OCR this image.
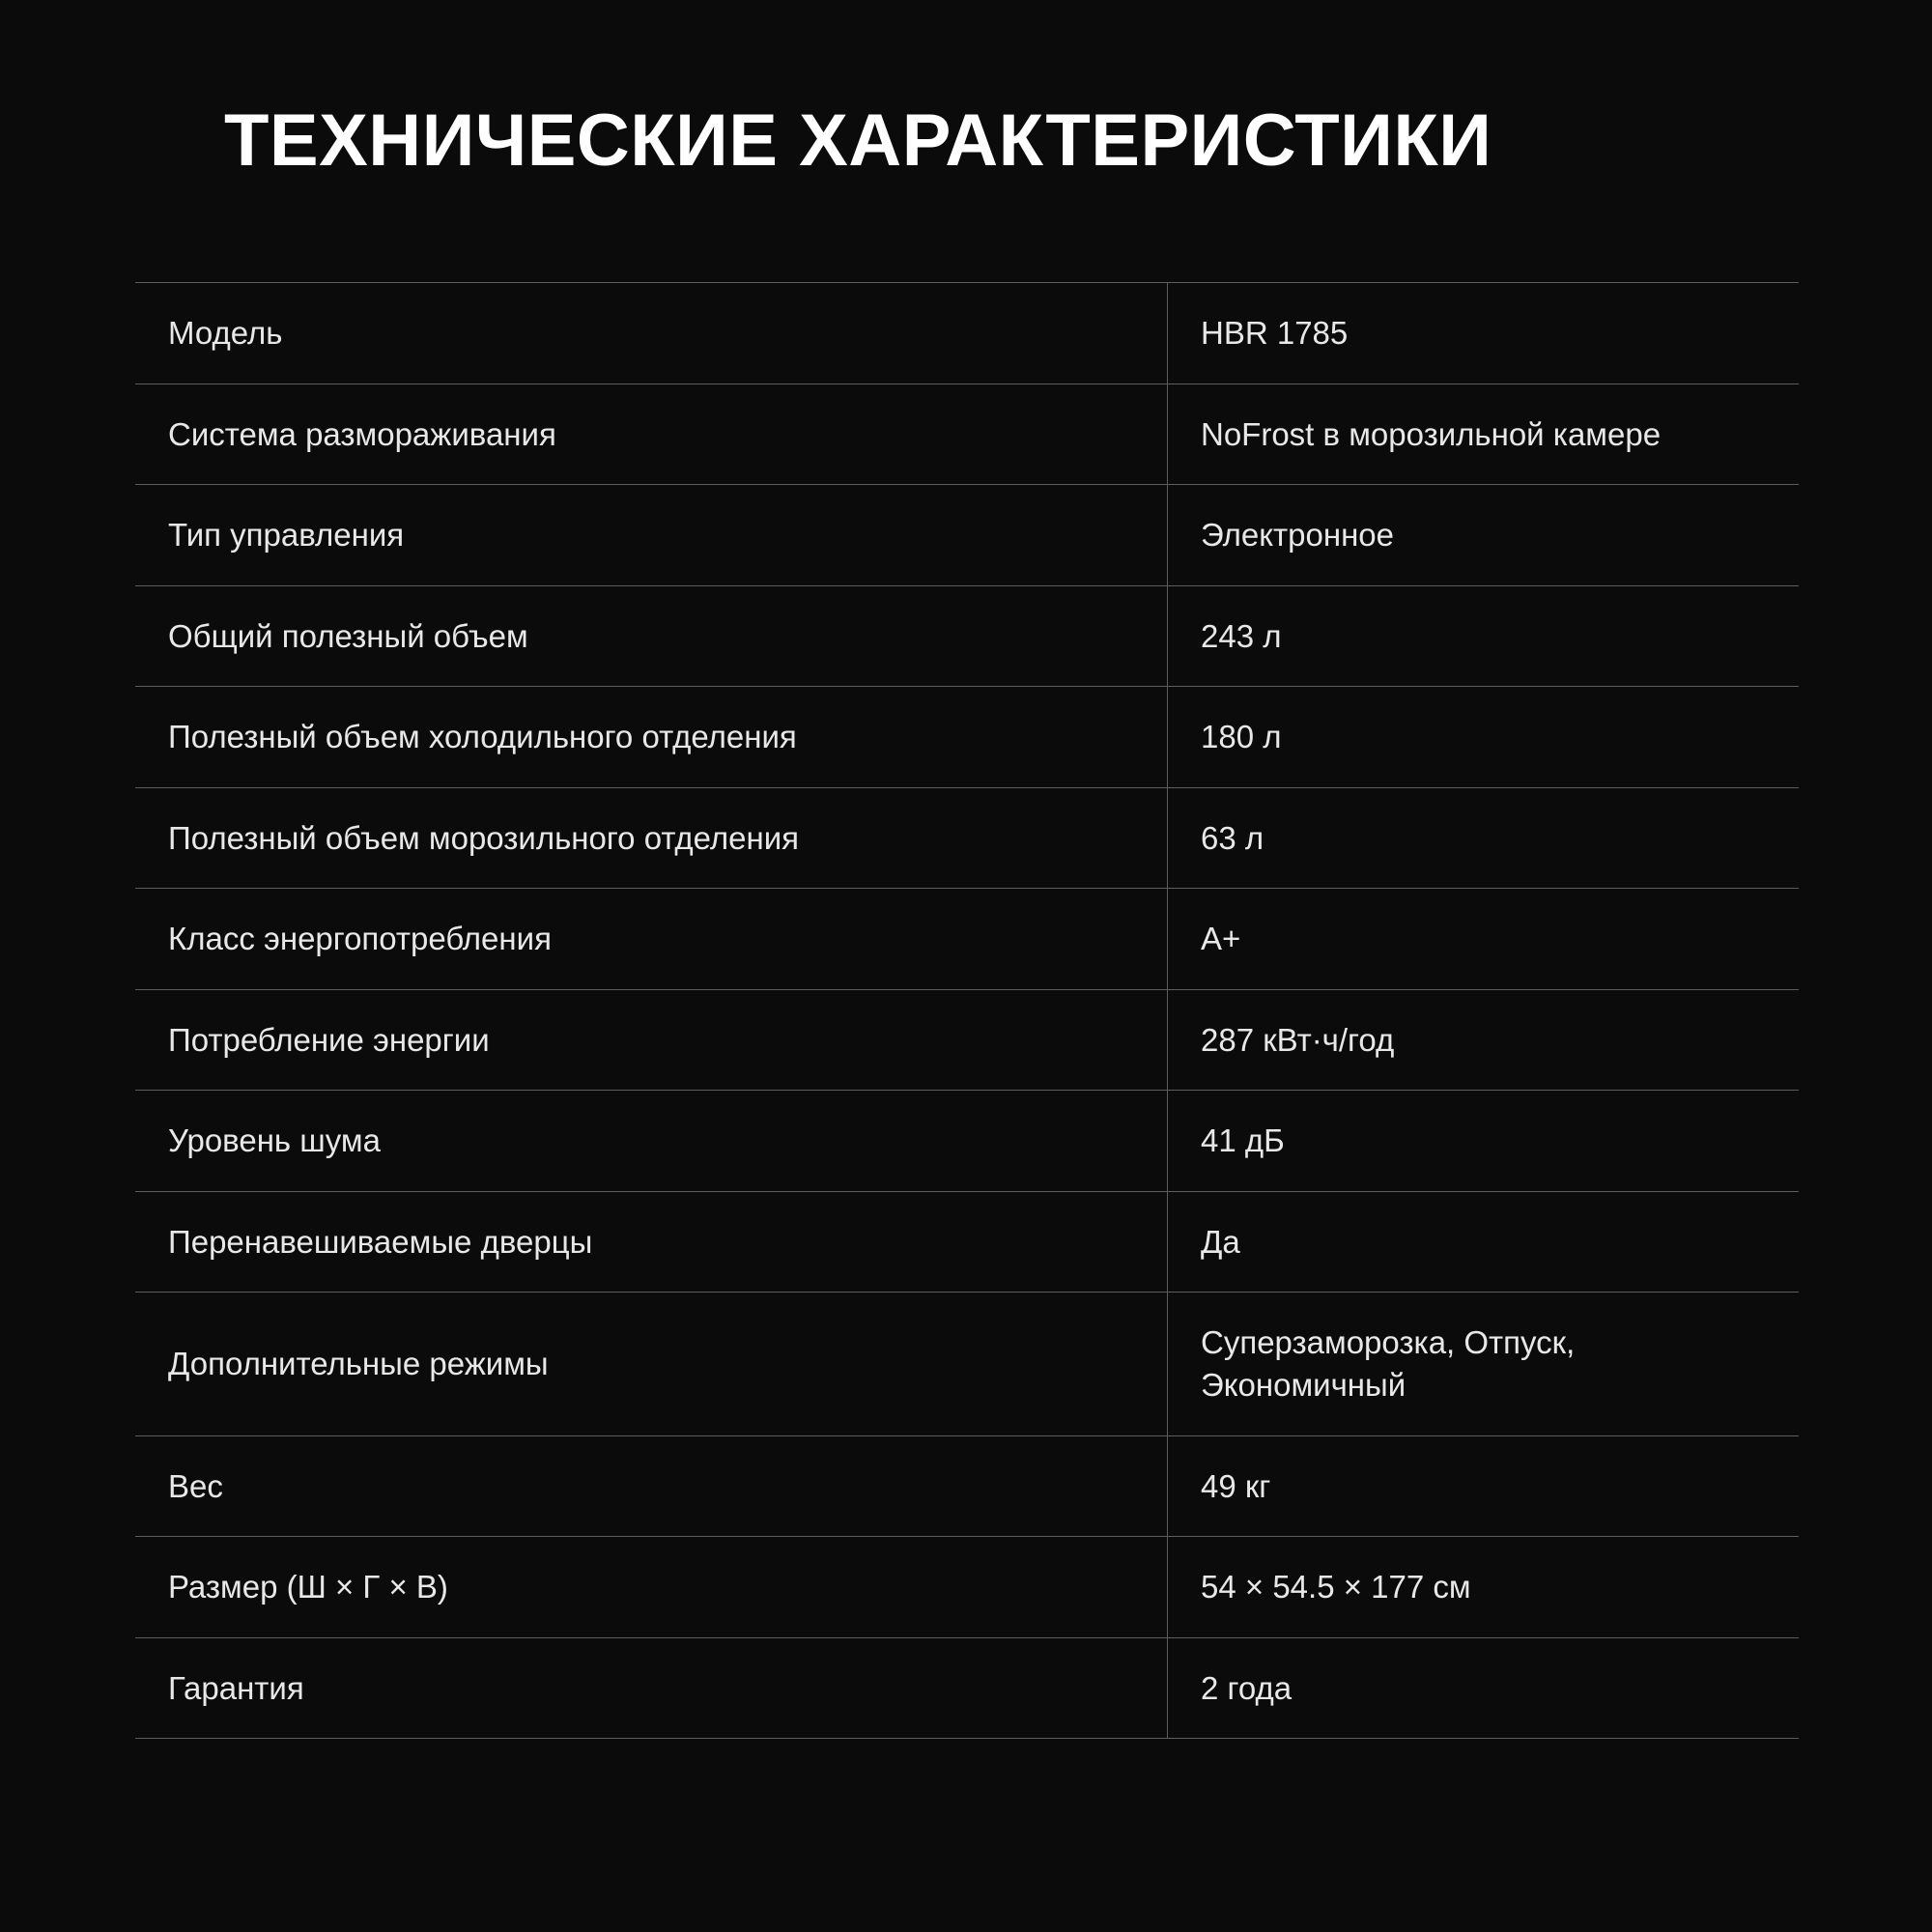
ТЕХНИЧЕСКИЕ ХАРАКТЕРИСТИКИ
Модель	HBR 1785
Система размораживания	NoFrost в морозильной камере
Тип управления	Электронное
Общий полезный объем	243 л
Полезный объем холодильного отделения	180 л
Полезный объем морозильного отделения	63 л
Класс энергопотребления	A+
Потребление энергии	287 кВт·ч/год
Уровень шума	41 дБ
Перенавешиваемые дверцы	Да
Дополнительные режимы	Суперзаморозка, Отпуск,
Экономичный

Вес	49 кг
Размер (Ш × Г × В)	54 × 54.5 × 177 см
Гарантия	2 года
